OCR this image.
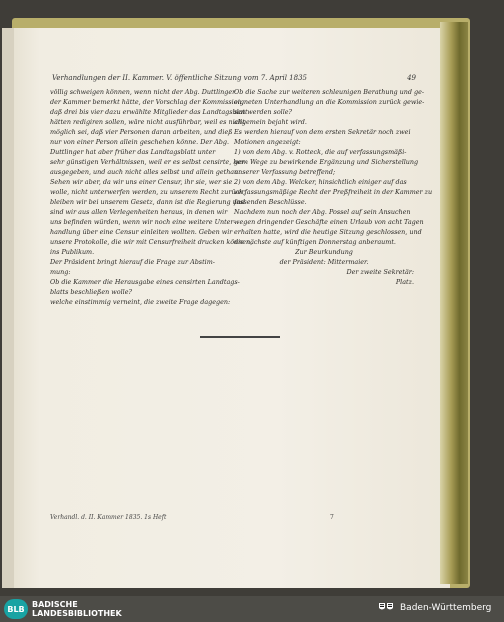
Verhandlungen der II. Kammer. V. öffentliche Sitzung vom 7. April 1835	49

völlig schweigen können, wenn nicht der Abg. Duttlinger

der Kammer bemerkt hätte, der Vorschlag der Kommission,

daß drei bis vier dazu erwählte Mitglieder das Landtagsblatt

hätten redigiren sollen, wäre nicht ausführbar, weil es nicht

möglich sei, daß vier Personen daran arbeiten, und dieß

nur von einer Person allein geschehen könne. Der Abg.

Duttlinger hat aber früher das Landtagsblatt unter

sehr günstigen Verhältnissen, weil er es selbst censirte, her-

ausgegeben, und auch nicht alles selbst und allein gethan.

Sehen wir aber, da wir uns einer Censur, ihr sie, wer sie

wolle, nicht unterwerfen werden, zu unserem Recht zurück,

bleiben wir bei unserem Gesetz, dann ist die Regierung und

sind wir aus allen Verlegenheiten heraus, in denen wir

uns befinden würden, wenn wir noch eine weitere Unter-

handlung über eine Censur einleiten wollten. Geben wir

unsere Protokolle, die wir mit Censurfreiheit drucken können,

ins Publikum.

Der Präsident bringt hierauf die Frage zur Abstim-

mung:

Ob die Kammer die Herausgabe eines censirten Landtags-

blatts beschließen wolle?

welche einstimmig verneint, die zweite Frage dagegen:

Ob die Sache zur weiteren schleunigen Berathung und ge-

eigneten Unterhandlung an die Kommission zurück gewie-

sen werden solle?

allgemein bejaht wird.

Es werden hierauf von dem ersten Sekretär noch zwei

Motionen angezeigt:

1) von dem Abg. v. Rotteck, die auf verfassungsmäßi-

gem Wege zu bewirkende Ergänzung und Sicherstellung

unserer Verfassung betreffend;

2) von dem Abg. Welcker, hinsichtlich einiger auf das

verfassungsmäßige Recht der Preßfreiheit in der Kammer zu

fassenden Beschlüsse.

Nachdem nun noch der Abg. Possel auf sein Ansuchen

wegen dringender Geschäfte einen Urlaub von acht Tagen

erhalten hatte, wird die heutige Sitzung geschlossen, und

die nächste auf künftigen Donnerstag anberaumt.

Zur Beurkundung

der Präsident: Mittermaier.

Der zweite Sekretär:

Platz.

Verhandl. d. II. Kammer 1835. 1s Heft	7
BLB BADISCHE
LANDESBIBLIOTHEK
Baden-Württemberg
